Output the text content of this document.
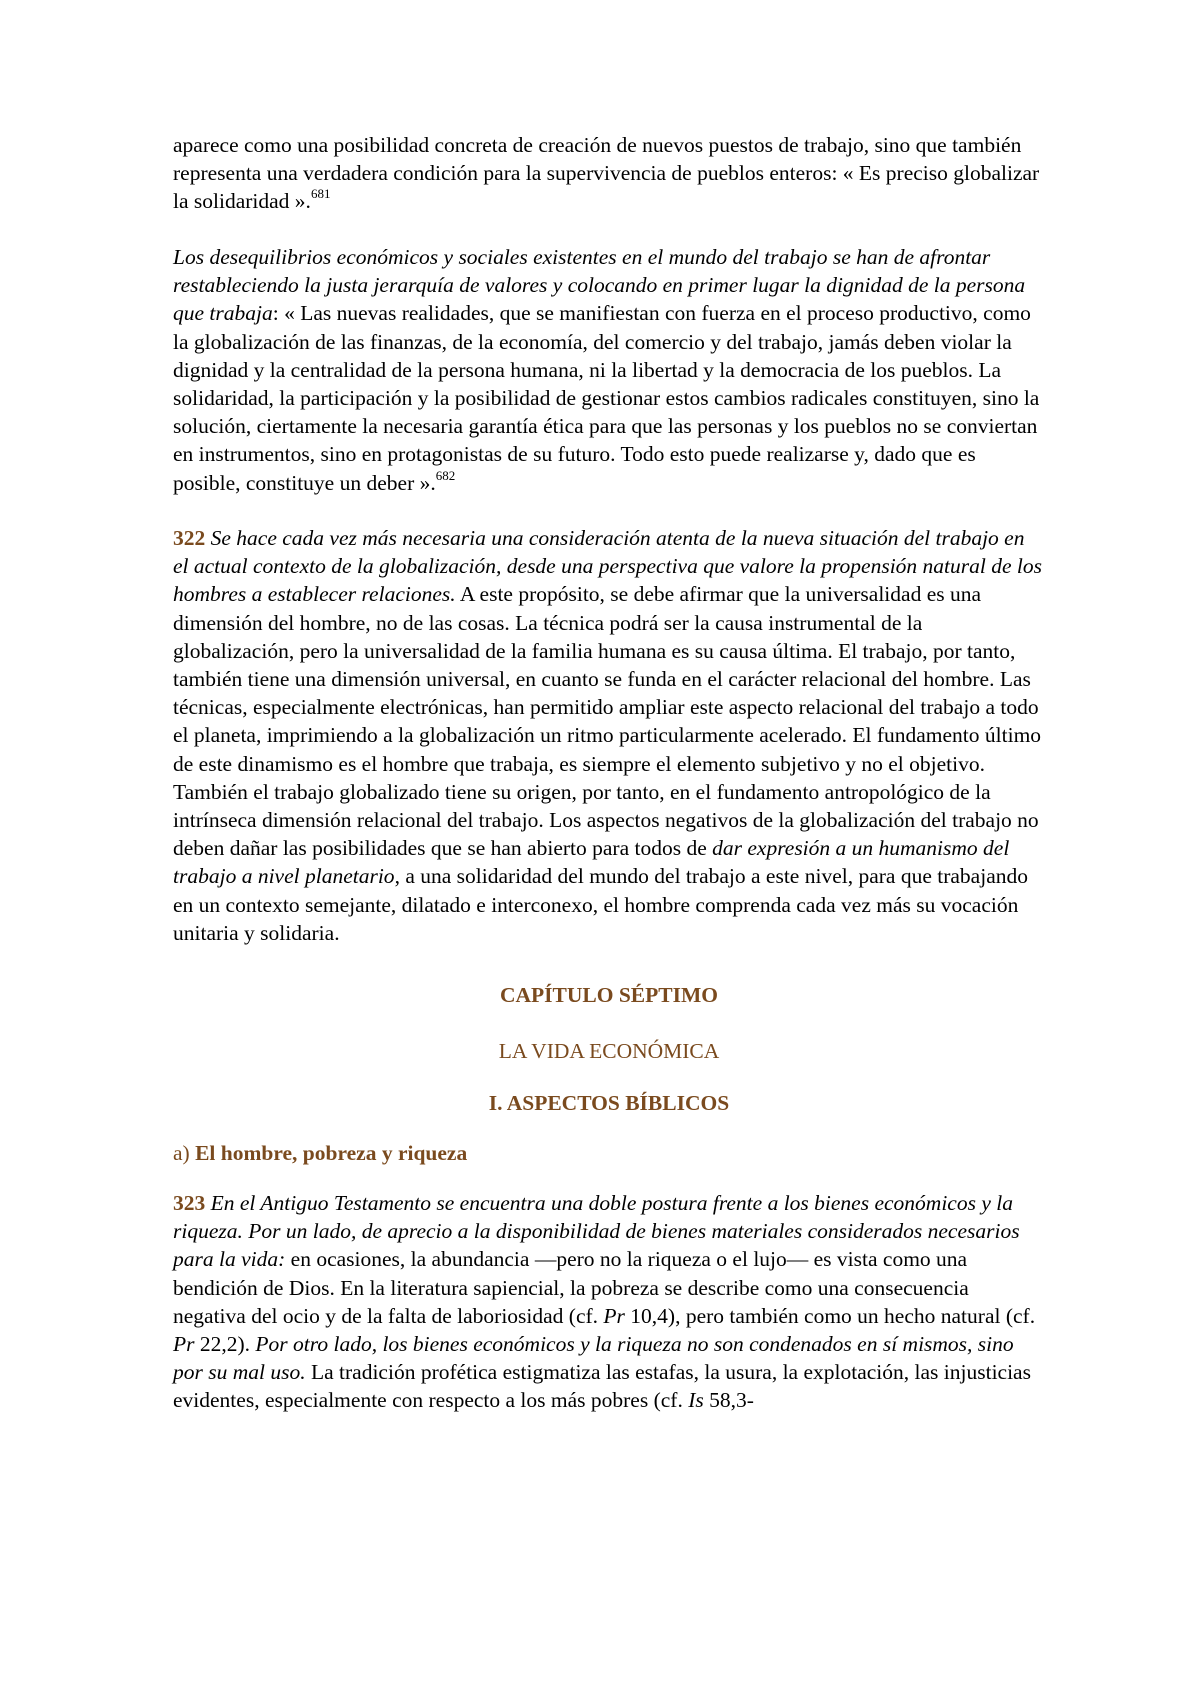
aparece como una posibilidad concreta de creación de nuevos puestos de trabajo, sino que también representa una verdadera condición para la supervivencia de pueblos enteros: « Es preciso globalizar la solidaridad ».$^{681}$

Los desequilibrios económicos y sociales existentes en el mundo del trabajo se han de afrontar restableciendo la justa jerarquía de valores y colocando en primer lugar la dignidad de la persona que trabaja: « Las nuevas realidades, que se manifiestan con fuerza en el proceso productivo, como la globalización de las finanzas, de la economía, del comercio y del trabajo, jamás deben violar la dignidad y la centralidad de la persona humana, ni la libertad y la democracia de los pueblos. La solidaridad, la participación y la posibilidad de gestionar estos cambios radicales constituyen, sino la solución, ciertamente la necesaria garantía ética para que las personas y los pueblos no se conviertan en instrumentos, sino en protagonistas de su futuro. Todo esto puede realizarse y, dado que es posible, constituye un deber ».$^{682}$

322 Se hace cada vez más necesaria una consideración atenta de la nueva situación del trabajo en el actual contexto de la globalización, desde una perspectiva que valore la propensión natural de los hombres a establecer relaciones. A este propósito, se debe afirmar que la universalidad es una dimensión del hombre, no de las cosas. La técnica podrá ser la causa instrumental de la globalización, pero la universalidad de la familia humana es su causa última. El trabajo, por tanto, también tiene una dimensión universal, en cuanto se funda en el carácter relacional del hombre. Las técnicas, especialmente electrónicas, han permitido ampliar este aspecto relacional del trabajo a todo el planeta, imprimiendo a la globalización un ritmo particularmente acelerado. El fundamento último de este dinamismo es el hombre que trabaja, es siempre el elemento subjetivo y no el objetivo. También el trabajo globalizado tiene su origen, por tanto, en el fundamento antropológico de la intrínseca dimensión relacional del trabajo. Los aspectos negativos de la globalización del trabajo no deben dañar las posibilidades que se han abierto para todos de dar expresión a un humanismo del trabajo a nivel planetario, a una solidaridad del mundo del trabajo a este nivel, para que trabajando en un contexto semejante, dilatado e interconexo, el hombre comprenda cada vez más su vocación unitaria y solidaria.

CAPÍTULO SÉPTIMO
LA VIDA ECONÓMICA
I. ASPECTOS BÍBLICOS
a) El hombre, pobreza y riqueza

323 En el Antiguo Testamento se encuentra una doble postura frente a los bienes económicos y la riqueza. Por un lado, de aprecio a la disponibilidad de bienes materiales considerados necesarios para la vida: en ocasiones, la abundancia —pero no la riqueza o el lujo— es vista como una bendición de Dios. En la literatura sapiencial, la pobreza se describe como una consecuencia negativa del ocio y de la falta de laboriosidad (cf. Pr 10,4), pero también como un hecho natural (cf. Pr 22,2). Por otro lado, los bienes económicos y la riqueza no son condenados en sí mismos, sino por su mal uso. La tradición profética estigmatiza las estafas, la usura, la explotación, las injusticias evidentes, especialmente con respecto a los más pobres (cf. Is 58,3-
